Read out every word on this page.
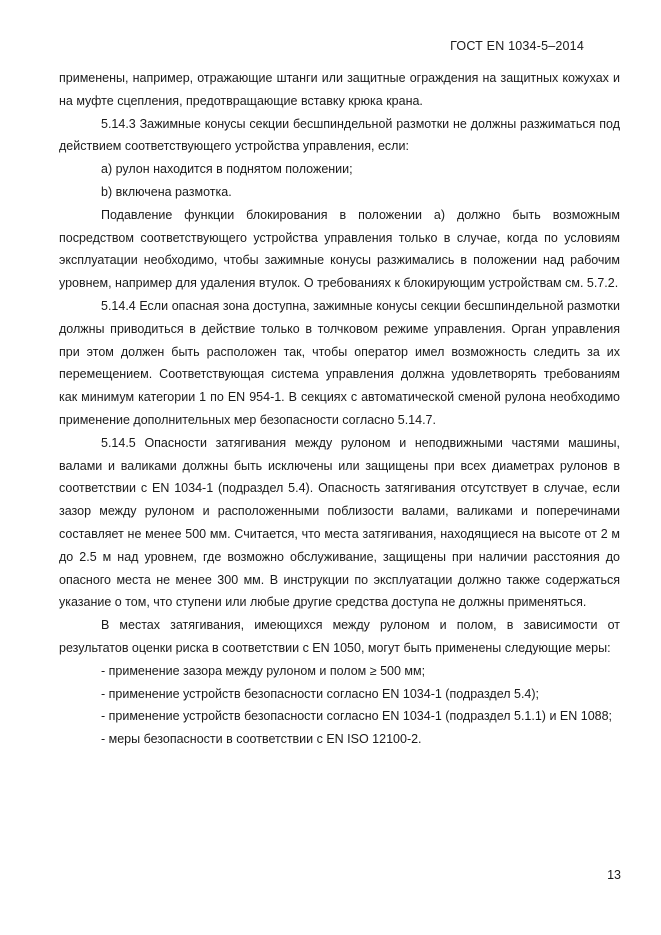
ГОСТ EN 1034-5–2014

применены, например, отражающие штанги или защитные ограждения на защитных кожухах и на муфте сцепления, предотвращающие вставку крюка крана.

5.14.3 Зажимные конусы секции бесшпиндельной размотки не должны разжиматься под действием соответствующего устройства управления, если:

а) рулон находится в поднятом положении;

b) включена размотка.

Подавление функции блокирования в положении а) должно быть возможным посредством соответствующего устройства управления только в случае, когда по условиям эксплуатации необходимо, чтобы зажимные конусы разжимались в положении над рабочим уровнем, например для удаления втулок. О требованиях к блокирующим устройствам см. 5.7.2.

5.14.4 Если опасная зона доступна, зажимные конусы секции бесшпиндельной размотки должны приводиться в действие только в толчковом режиме управления. Орган управления при этом должен быть расположен так, чтобы оператор имел возможность следить за их перемещением. Соответствующая система управления должна удовлетворять требованиям как минимум категории 1 по EN 954-1. В секциях с автоматической сменой рулона необходимо применение дополнительных мер безопасности согласно 5.14.7.

5.14.5 Опасности затягивания между рулоном и неподвижными частями машины, валами и валиками должны быть исключены или защищены при всех диаметрах рулонов в соответствии с EN 1034-1 (подраздел 5.4). Опасность затягивания отсутствует в случае, если зазор между рулоном и расположенными поблизости валами, валиками и поперечинами составляет не менее 500 мм. Считается, что места затягивания, находящиеся на высоте от 2 м до 2.5 м над уровнем, где возможно обслуживание, защищены при наличии расстояния до опасного места не менее 300 мм. В инструкции по эксплуатации должно также содержаться указание о том, что ступени или любые другие средства доступа не должны применяться.

В местах затягивания, имеющихся между рулоном и полом, в зависимости от результатов оценки риска в соответствии с EN 1050, могут быть применены следующие меры:

- применение зазора между рулоном и полом ≥ 500 мм;

- применение устройств безопасности согласно EN 1034-1 (подраздел 5.4);

- применение устройств безопасности согласно EN 1034-1 (подраздел 5.1.1) и EN 1088;

- меры безопасности в соответствии с EN ISO 12100-2.

13
